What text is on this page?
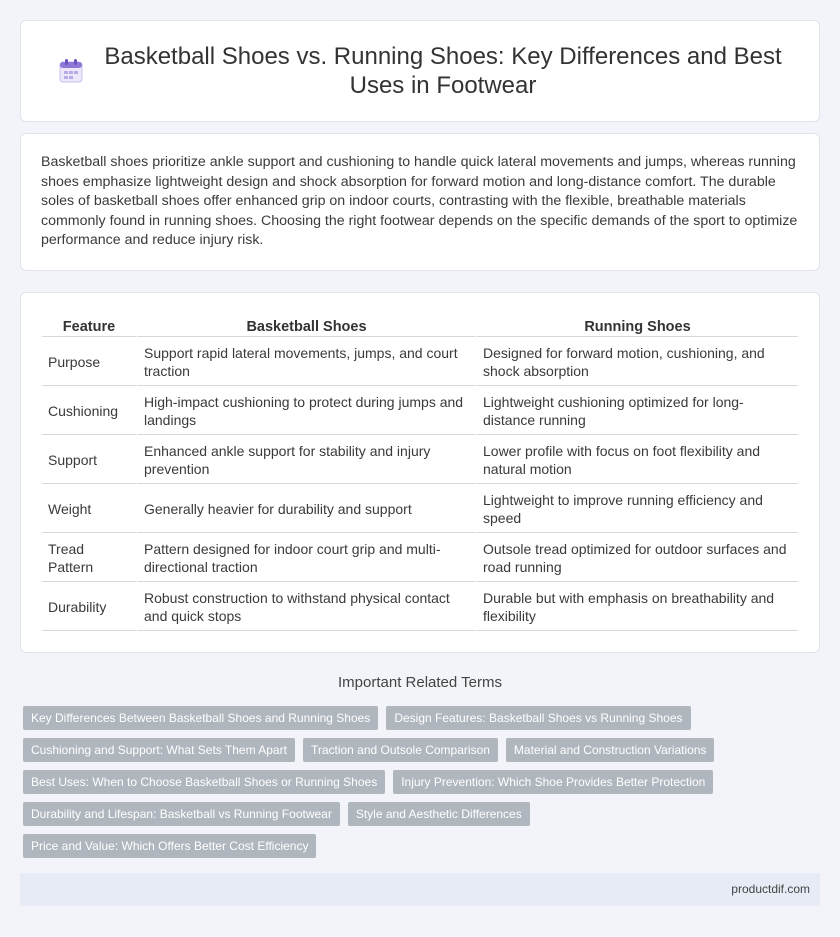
Basketball Shoes vs. Running Shoes: Key Differences and Best Uses in Footwear

Basketball shoes prioritize ankle support and cushioning to handle quick lateral movements and jumps, whereas running shoes emphasize lightweight design and shock absorption for forward motion and long-distance comfort. The durable soles of basketball shoes offer enhanced grip on indoor courts, contrasting with the flexible, breathable materials commonly found in running shoes. Choosing the right footwear depends on the specific demands of the sport to optimize performance and reduce injury risk.

Feature	Basketball Shoes	Running Shoes
Purpose	Support rapid lateral movements, jumps, and court traction	Designed for forward motion, cushioning, and shock absorption
Cushioning	High-impact cushioning to protect during jumps and landings	Lightweight cushioning optimized for long-distance running
Support	Enhanced ankle support for stability and injury prevention	Lower profile with focus on foot flexibility and natural motion
Weight	Generally heavier for durability and support	Lightweight to improve running efficiency and speed
Tread Pattern	Pattern designed for indoor court grip and multi-directional traction	Outsole tread optimized for outdoor surfaces and road running
Durability	Robust construction to withstand physical contact and quick stops	Durable but with emphasis on breathability and flexibility
Important Related Terms
Key Differences Between Basketball Shoes and Running Shoes	Design Features: Basketball Shoes vs Running Shoes
Cushioning and Support: What Sets Them Apart	Traction and Outsole Comparison	Material and Construction Variations
Best Uses: When to Choose Basketball Shoes or Running Shoes	Injury Prevention: Which Shoe Provides Better Protection
Durability and Lifespan: Basketball vs Running Footwear	Style and Aesthetic Differences
Price and Value: Which Offers Better Cost Efficiency
productdif.com
